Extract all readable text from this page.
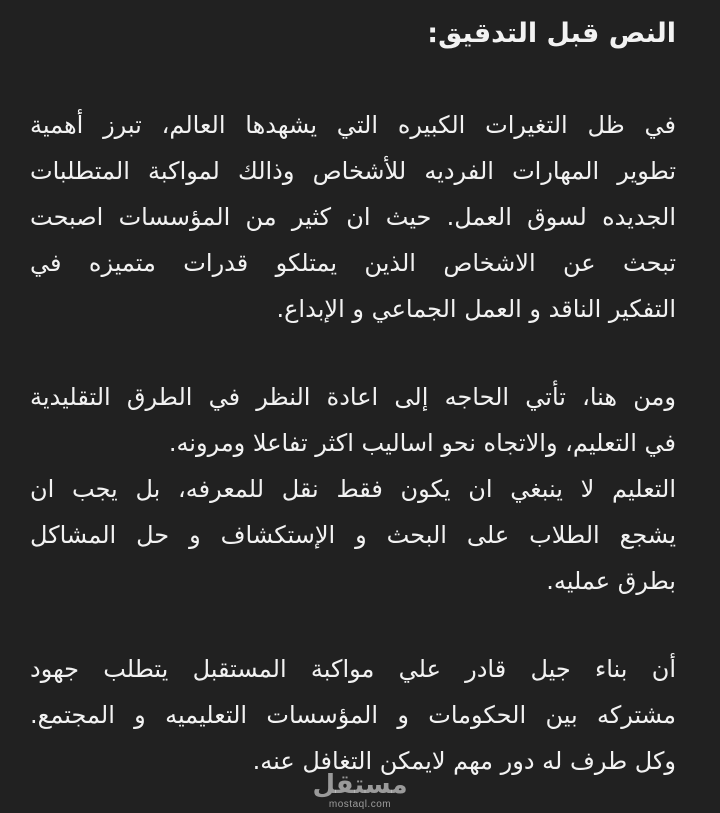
النص قبل التدقيق:
في ظل التغيرات الكبيره التي يشهدها العالم، تبرز أهمية
تطوير المهارات الفرديه للأشخاص وذالك لمواكبة المتطلبات
الجديده لسوق العمل. حيث ان كثير من المؤسسات اصبحت
تبحث عن الاشخاص الذين يمتلكو قدرات متميزه في
التفكير الناقد و العمل الجماعي و الإبداع.
ومن هنا، تأتي الحاجه إلى اعادة النظر في الطرق التقليدية
في التعليم، والاتجاه نحو اساليب اكثر تفاعلا ومرونه.
التعليم لا ينبغي ان يكون فقط نقل للمعرفه، بل يجب ان
يشجع الطلاب على البحث و الإستكشاف و حل المشاكل
بطرق عمليه.
أن بناء جيل قادر علي مواكبة المستقبل يتطلب جهود
مشتركه بين الحكومات و المؤسسات التعليميه و المجتمع.
وكل طرف له دور مهم لايمكن التغافل عنه.
مستقل
mostaql.com
